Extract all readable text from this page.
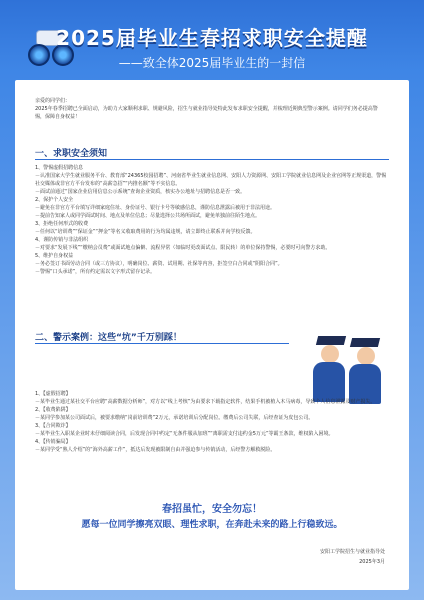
2025届毕业生春招求职安全提醒
——致全体2025届毕业生的一封信
亲爱的同学们：
2025年春季招聘已全面启动，为助力大家顺利求职、规避风险，招生与就业指导处特此发布求职安全提醒，并梳理近期典型警示案例。请同学们务必提高警惕，保障自身权益！
一、求职安全须知

1、警惕虚假招聘信息

－认准国家大学生就业服务平台、教育部“24365校园招聘”、河南省毕业生就业信息网、安阳人力资源网、安阳工学院就业信息网及企业官网等正规渠道，警惕社交媒体或非官方平台发布的“高薪急招”“内推名额”等不实信息。

－面试前通过“国家企业信用信息公示系统”查询企业资质，核实办公地址与招聘信息是否一致。

2、保护个人安全

－避免在非官方平台填写详细家庭住址、身份证号、银行卡号等敏感信息，谨防信息泄露后被用于非法用途。

－提前告知家人或同学面试时间、地点及单位信息；尽量选择公共场所面试，避免单独前往陌生地点。

3、拒绝任何形式的收费

－任何以“培训费”“保证金”“押金”等名义收取费用的行为均属违规，请立即终止联系并向学校反馈。

4、谨防传销与非法组织

－对要求“发展下线”“缴纳会员费”或面试地点偏僻、流程异常（如临时更改面试点、限民转）的单位保持警惕，必要时可向警方求助。

5、维护自身权益

－务必签订书面劳动合同（或三方协议），明确岗位、薪资、试用期、社保等内容，拒签空白合同或“阴阳合同”。

－警惕“口头承诺”，所有约定需以文字形式留存记录。

二、警示案例：这些“坑”千万别踩！

1、【虚假招聘】

－某毕业生通过某社交平台应聘“高薪数据分析师”，对方以“线上考核”为由要求下载指定软件，结果手机被植入木马病毒，导致个人信息泄露及财产损失。

2、【收费陷阱】

－某同学参加某公司面试后，被要求缴纳“岗前培训费”2万元，承诺培训后分配岗位。缴费后公司失联，后经查证为皮包公司。

3、【合同欺诈】

－某毕业生入职某企业时未仔细阅读合同，后发现合同中约定“无条件服从加班”“离职需支付违约金5万元”等霸王条款，维权陷入困境。

4、【传销骗局】

－某同学受“熟人介绍”的“海外高薪工作”，抵达后发现被限制自由并强迫参与传销活动，后经警方解救脱险。

春招虽忙，安全勿忘！
愿每一位同学擦亮双眼、理性求职，在奔赴未来的路上行稳致远。
安阳工学院招生与就业指导处
2025年3月
